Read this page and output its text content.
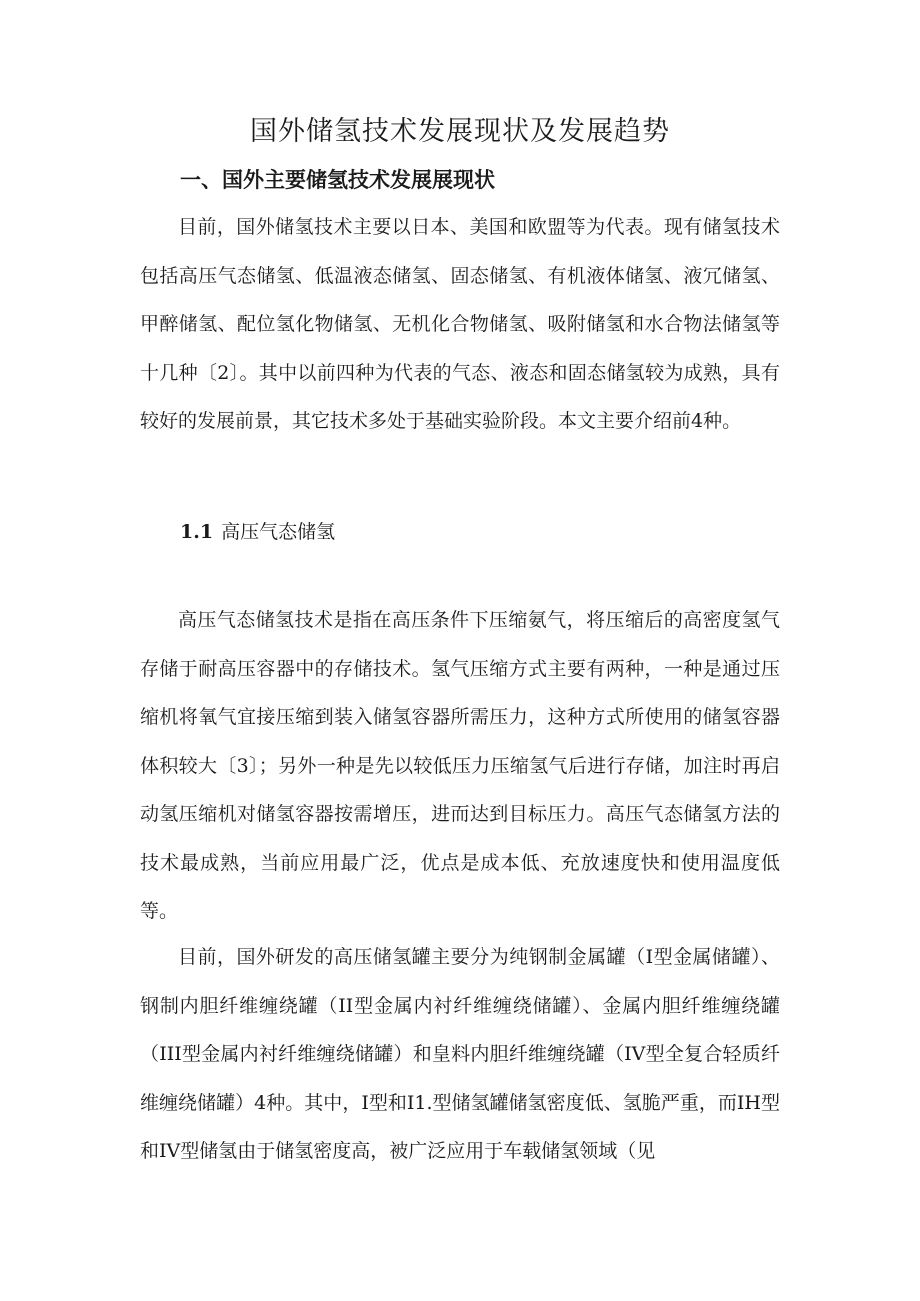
国外储氢技术发展现状及发展趋势
一、国外主要储氢技术发展展现状

目前，国外储氢技术主要以日本、美国和欧盟等为代表。现有储氢技术包括高压气态储氢、低温液态储氢、固态储氢、有机液体储氢、液冗储氢、甲醉储氢、配位氢化物储氢、无机化合物储氢、吸附储氢和水合物法储氢等十几种〔2〕。其中以前四种为代表的气态、液态和固态储氢较为成熟，具有较好的发展前景，其它技术多处于基础实验阶段。本文主要介绍前4种。

1.1 高压气态储氢

高压气态储氢技术是指在高压条件下压缩氨气，将压缩后的高密度氢气存储于耐高压容器中的存储技术。氢气压缩方式主要有两种，一种是通过压缩机将氧气宜接压缩到装入储氢容器所需压力，这种方式所使用的储氢容器体积较大〔3〕；另外一种是先以较低压力压缩氢气后进行存储，加注时再启动氢压缩机对储氢容器按需增压，进而达到目标压力。高压气态储氢方法的技术最成熟，当前应用最广泛，优点是成本低、充放速度快和使用温度低等。

目前，国外研发的高压储氢罐主要分为纯钢制金属罐（I型金属储罐）、钢制内胆纤维缠绕罐（II型金属内衬纤维缠绕储罐）、金属内胆纤维缠绕罐（III型金属内衬纤维缠绕储罐）和皇料内胆纤维缠绕罐（IV型全复合轻质纤维缠绕储罐）4种。其中，I型和I1.型储氢罐储氢密度低、氢脆严重，而IH型和IV型储氢由于储氢密度高，被广泛应用于车载储氢领域（见
